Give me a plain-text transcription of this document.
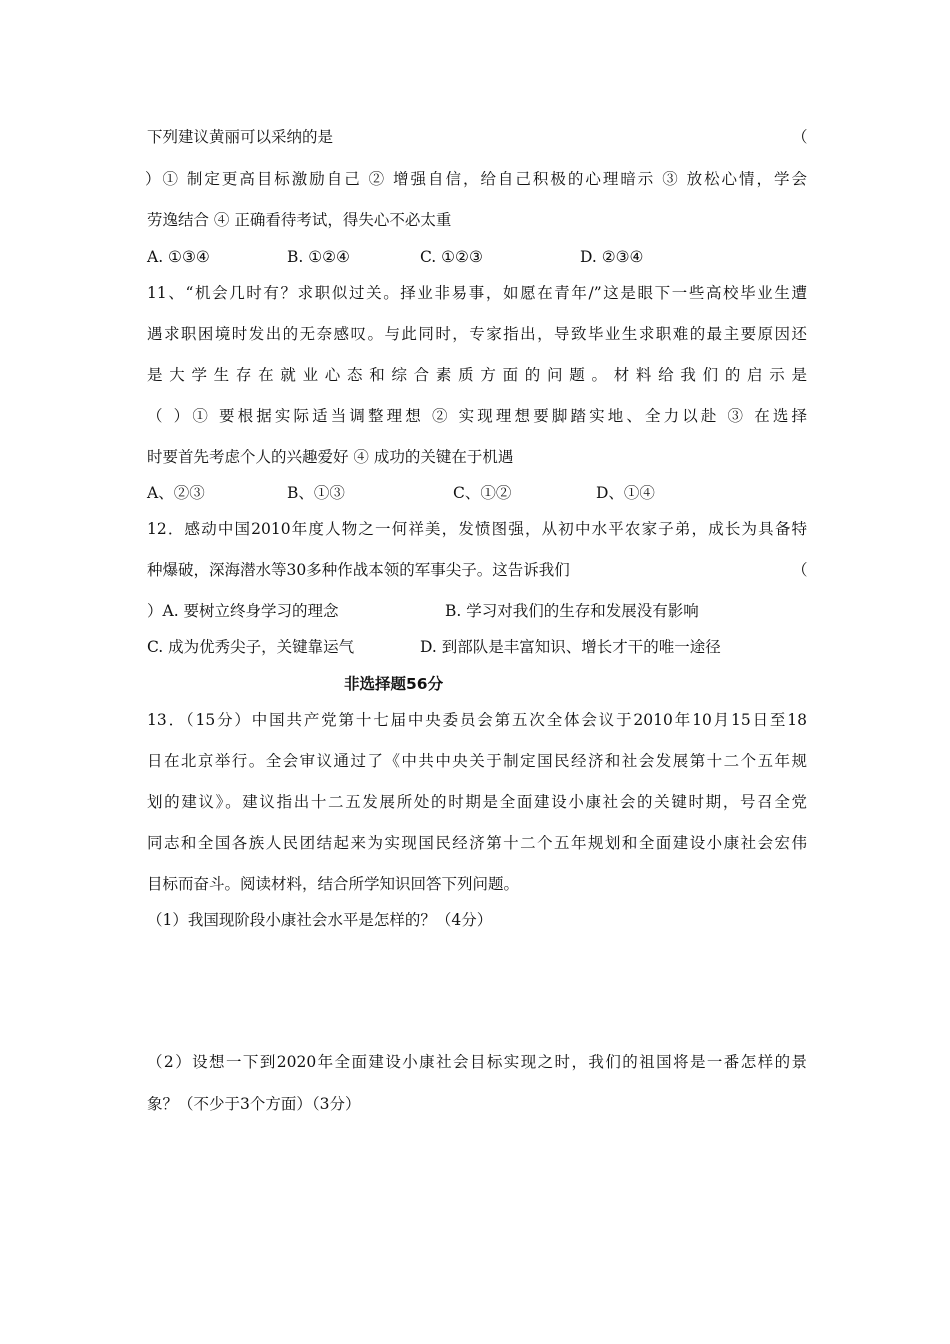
下列建议黄丽可以采纳的是	（
）① 制定更高目标激励自己 ② 增强自信，给自己积极的心理暗示 ③ 放松心情，学会
劳逸结合 ④ 正确看待考试，得失心不必太重
A. ①③④	B. ①②④	C. ①②③	D. ②③④
11、“机会几时有？求职似过关。择业非易事，如愿在青年/”这是眼下一些高校毕业生遭
遇求职困境时发出的无奈感叹。与此同时，专家指出，导致毕业生求职难的最主要原因还
是大学生存在就业心态和综合素质方面的问题。材料给我们的启示是
（ ）① 要根据实际适当调整理想 ② 实现理想要脚踏实地、全力以赴 ③ 在选择
时要首先考虑个人的兴趣爱好 ④ 成功的关键在于机遇
A、②③	B、①③	C、①②	D、①④
12．感动中国2010年度人物之一何祥美，发愤图强，从初中水平农家子弟，成长为具备特
种爆破，深海潜水等30多种作战本领的军事尖子。这告诉我们	（
）A. 要树立终身学习的理念	B. 学习对我们的生存和发展没有影响
C. 成为优秀尖子，关键靠运气	D. 到部队是丰富知识、增长才干的唯一途径
非选择题56分
13．（15分）中国共产党第十七届中央委员会第五次全体会议于2010年10月15日至18
日在北京举行。全会审议通过了《中共中央关于制定国民经济和社会发展第十二个五年规
划的建议》。建议指出十二五发展所处的时期是全面建设小康社会的关键时期，号召全党
同志和全国各族人民团结起来为实现国民经济第十二个五年规划和全面建设小康社会宏伟
目标而奋斗。阅读材料，结合所学知识回答下列问题。
（1）我国现阶段小康社会水平是怎样的？（4分）
（2）设想一下到2020年全面建设小康社会目标实现之时，我们的祖国将是一番怎样的景
象？（不少于3个方面）（3分）
